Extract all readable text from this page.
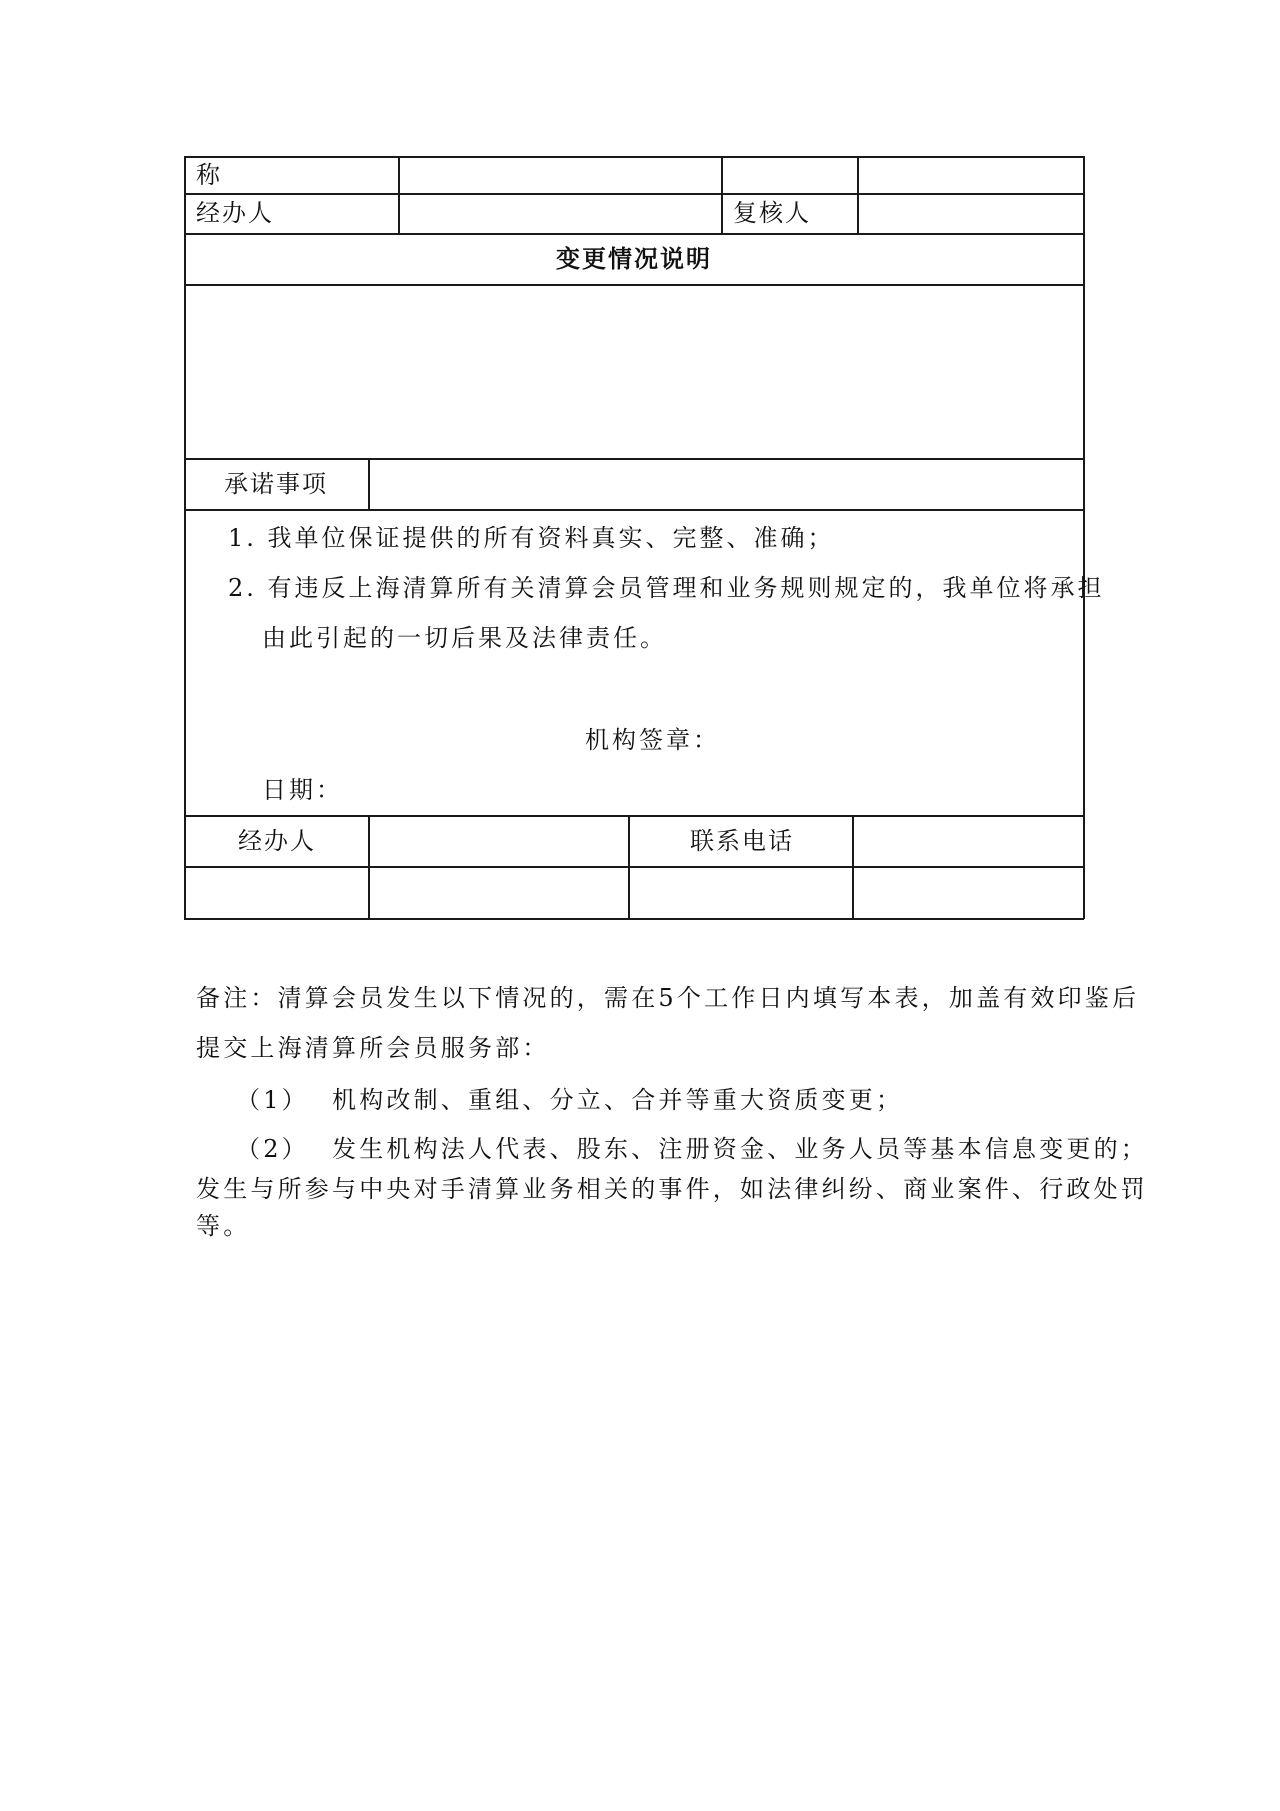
称
经办人	复核人
变更情况说明
承诺事项
1. 我单位保证提供的所有资料真实、完整、准确；
2. 有违反上海清算所有关清算会员管理和业务规则规定的，我单位将承担
由此引起的一切后果及法律责任。
机构签章：
日期：
经办人	联系电话
备注：清算会员发生以下情况的，需在5个工作日内填写本表，加盖有效印鉴后
提交上海清算所会员服务部：
（1） 机构改制、重组、分立、合并等重大资质变更；
（2） 发生机构法人代表、股东、注册资金、业务人员等基本信息变更的；
发生与所参与中央对手清算业务相关的事件，如法律纠纷、商业案件、行政处罚
等。
